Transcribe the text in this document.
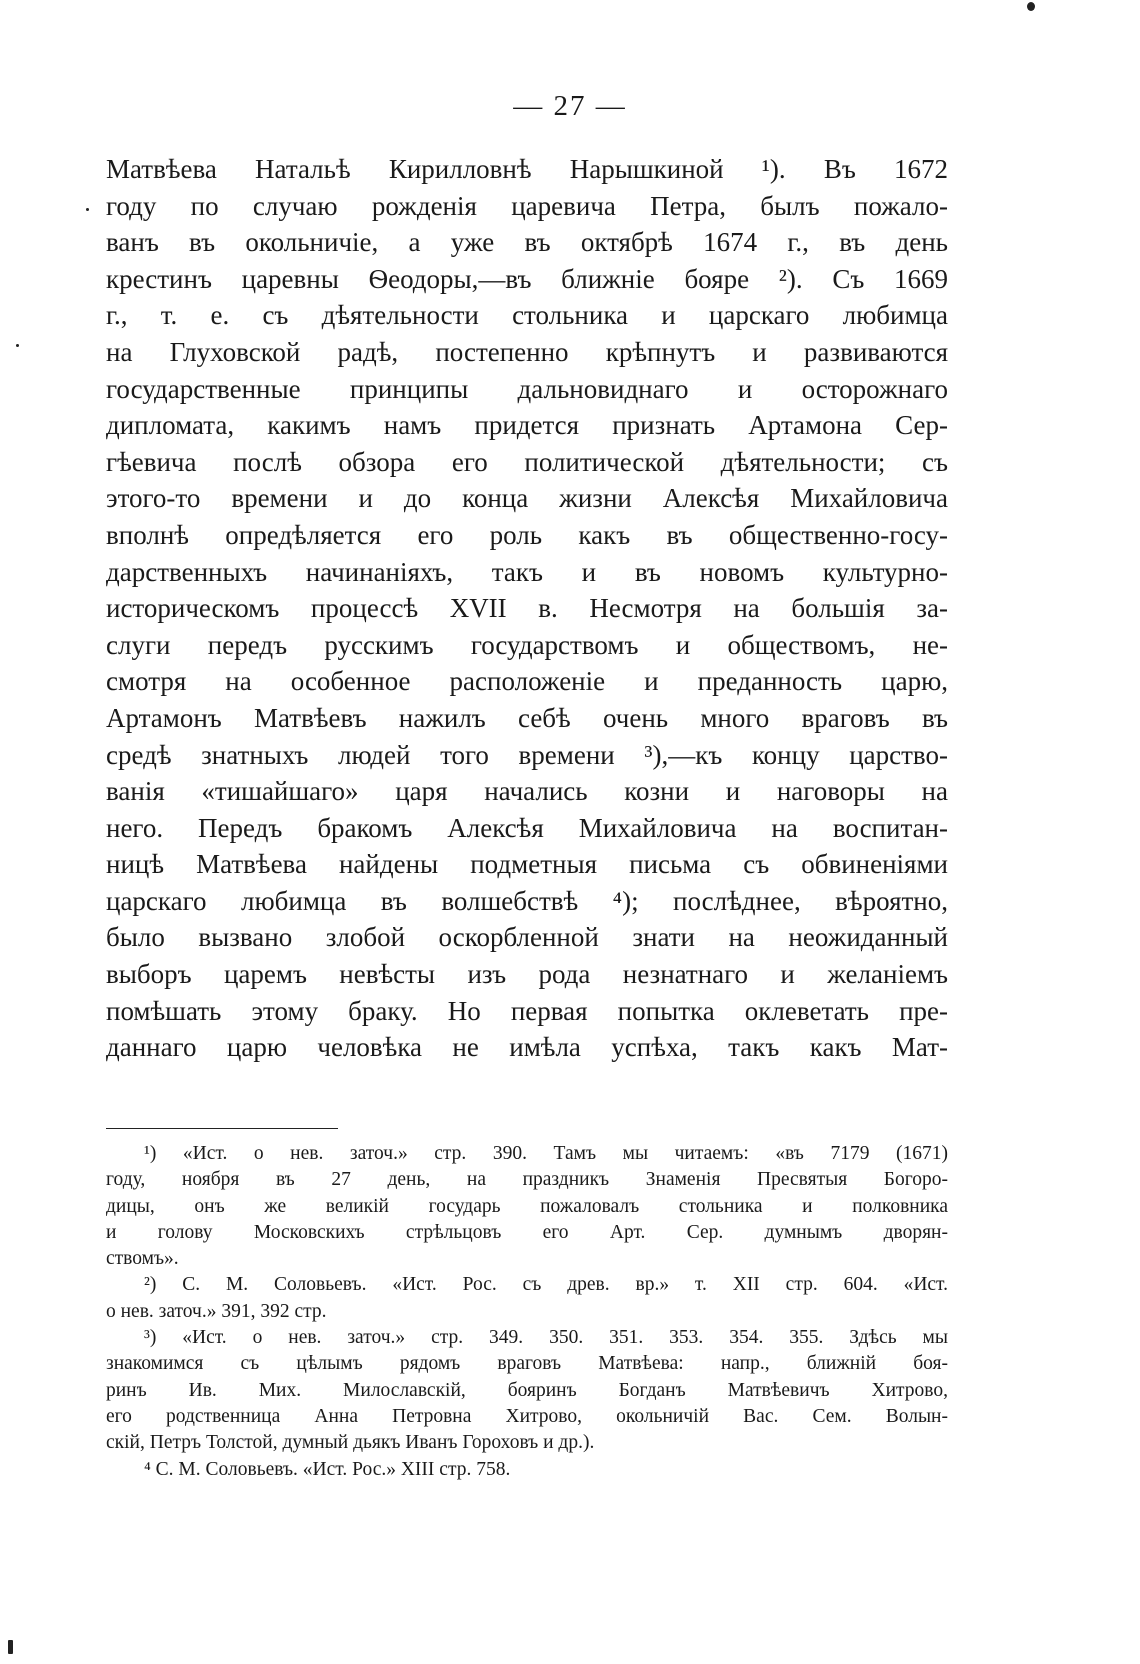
— 27 —
Матвѣева Натальѣ Кирилловнѣ Нарышкиной ¹). Въ 1672
году по случаю рожденія царевича Петра, былъ пожало-
ванъ въ окольничіе, а уже въ октябрѣ 1674 г., въ день
крестинъ царевны Ѳеодоры,—въ ближніе бояре ²). Съ 1669
г., т. е. съ дѣятельности стольника и царскаго любимца
на Глуховской радѣ, постепенно крѣпнутъ и развиваются
государственные принципы дальновиднаго и осторожнаго
дипломата, какимъ намъ придется признать Артамона Сер-
гѣевича послѣ обзора его политической дѣятельности; съ
этого-то времени и до конца жизни Алексѣя Михайловича
вполнѣ опредѣляется его роль какъ въ общественно-госу-
дарственныхъ начинаніяхъ, такъ и въ новомъ культурно-
историческомъ процессѣ XVII в. Несмотря на большія за-
слуги передъ русскимъ государствомъ и обществомъ, не-
смотря на особенное расположеніе и преданность царю,
Артамонъ Матвѣевъ нажилъ себѣ очень много враговъ въ
средѣ знатныхъ людей того времени ³),—къ концу царство-
ванія «тишайшаго» царя начались козни и наговоры на
него. Передъ бракомъ Алексѣя Михайловича на воспитан-
ницѣ Матвѣева найдены подметныя письма съ обвиненіями
царскаго любимца въ волшебствѣ ⁴); послѣднее, вѣроятно,
было вызвано злобой оскорбленной знати на неожиданный
выборъ царемъ невѣсты изъ рода незнатнаго и желаніемъ
помѣшать этому браку. Но первая попытка оклеветать пре-
даннаго царю человѣка не имѣла успѣха, такъ какъ Мат-
¹) «Ист. о нев. заточ.» стр. 390. Тамъ мы читаемъ: «въ 7179 (1671)
году, ноября въ 27 день, на праздникъ Знаменія Пресвятыя Богоро-
дицы, онъ же великій государь пожаловалъ стольника и полковника
и голову Московскихъ стрѣльцовъ его Арт. Сер. думнымъ дворян-
ствомъ».
²) С. М. Соловьевъ. «Ист. Рос. съ древ. вр.» т. XII стр. 604. «Ист.
о нев. заточ.» 391, 392 стр.
³) «Ист. о нев. заточ.» стр. 349. 350. 351. 353. 354. 355. Здѣсь мы
знакомимся съ цѣлымъ рядомъ враговъ Матвѣева: напр., ближній боя-
ринъ Ив. Мих. Милославскій, бояринъ Богданъ Матвѣевичъ Хитрово,
его родственница Анна Петровна Хитрово, окольничій Вас. Сем. Волын-
скій, Петръ Толстой, думный дьякъ Иванъ Гороховъ и др.).
⁴ С. М. Соловьевъ. «Ист. Рос.» XIII стр. 758.
